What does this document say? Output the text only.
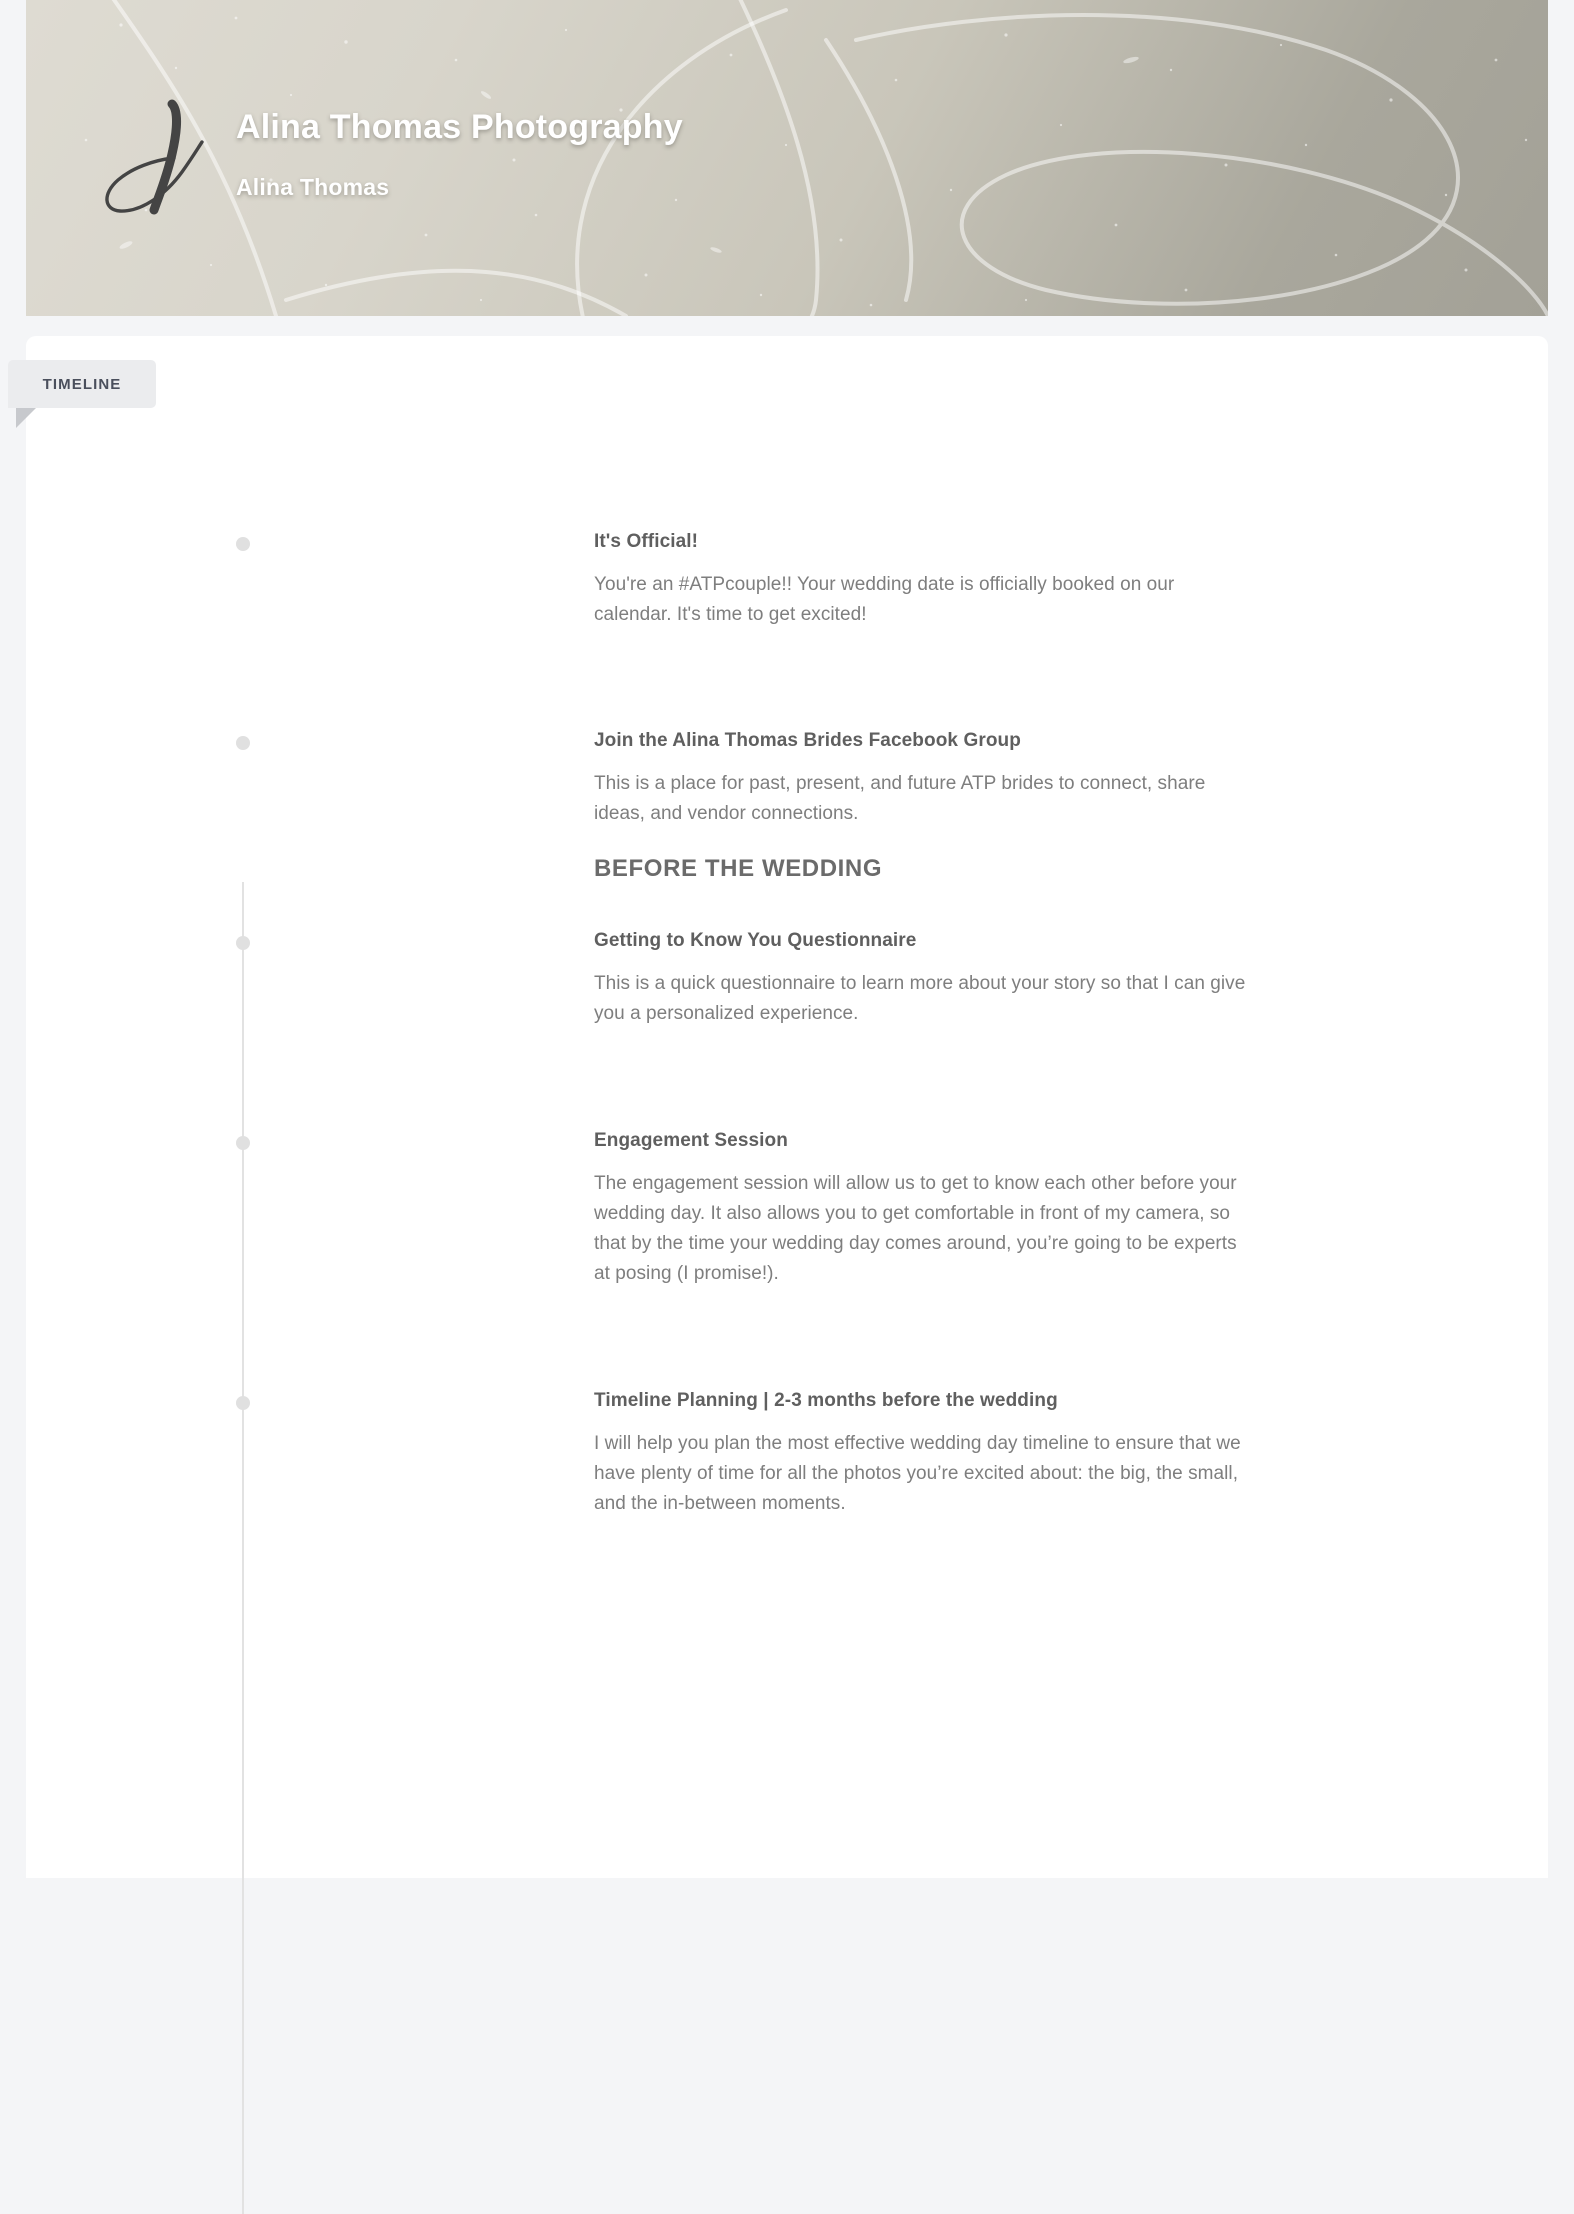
Alina Thomas Photography
Alina Thomas
BEFORE THE WEDDING
It's Official!

You're an #ATPcouple!! Your wedding date is officially booked on our calendar. It's time to get excited!

Join the Alina Thomas Brides Facebook Group

This is a place for past, present, and future ATP brides to connect, share ideas, and vendor connections.

Getting to Know You Questionnaire

This is a quick questionnaire to learn more about your story so that I can give you a personalized experience.

Engagement Session

The engagement session will allow us to get to know each other before your wedding day. It also allows you to get comfortable in front of my camera, so that by the time your wedding day comes around, you’re going to be experts at posing (I promise!).

Timeline Planning | 2-3 months before the wedding

I will help you plan the most effective wedding day timeline to ensure that we have plenty of time for all the photos you’re excited about: the big, the small, and the in-between moments.

TIMELINE
